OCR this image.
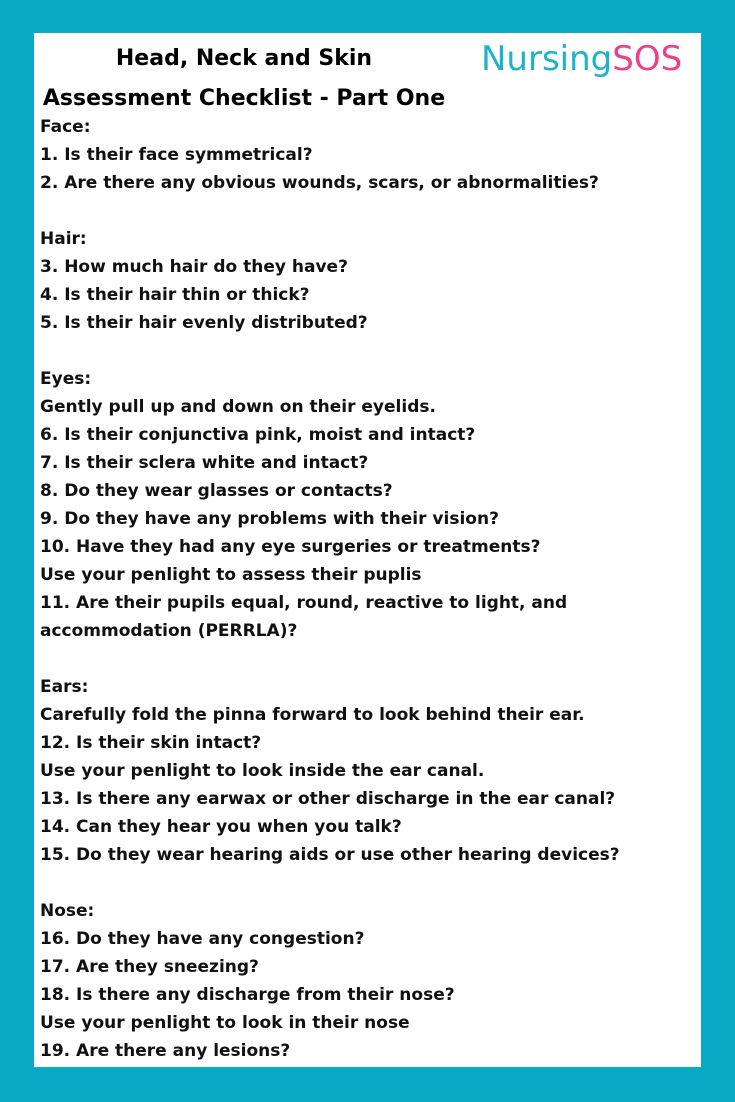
Head, Neck and Skin
Assessment Checklist - Part One
NursingSOS
Face:
1. Is their face symmetrical?
2. Are there any obvious wounds, scars, or abnormalities?
Hair:
3. How much hair do they have?
4. Is their hair thin or thick?
5. Is their hair evenly distributed?
Eyes:
Gently pull up and down on their eyelids.
6. Is their conjunctiva pink, moist and intact?
7. Is their sclera white and intact?
8. Do they wear glasses or contacts?
9. Do they have any problems with their vision?
10. Have they had any eye surgeries or treatments?
Use your penlight to assess their puplis
11. Are their pupils equal, round, reactive to light, and
accommodation (PERRLA)?
Ears:
Carefully fold the pinna forward to look behind their ear.
12. Is their skin intact?
Use your penlight to look inside the ear canal.
13. Is there any earwax or other discharge in the ear canal?
14. Can they hear you when you talk?
15. Do they wear hearing aids or use other hearing devices?
Nose:
16. Do they have any congestion?
17. Are they sneezing?
18. Is there any discharge from their nose?
Use your penlight to look in their nose
19. Are there any lesions?
